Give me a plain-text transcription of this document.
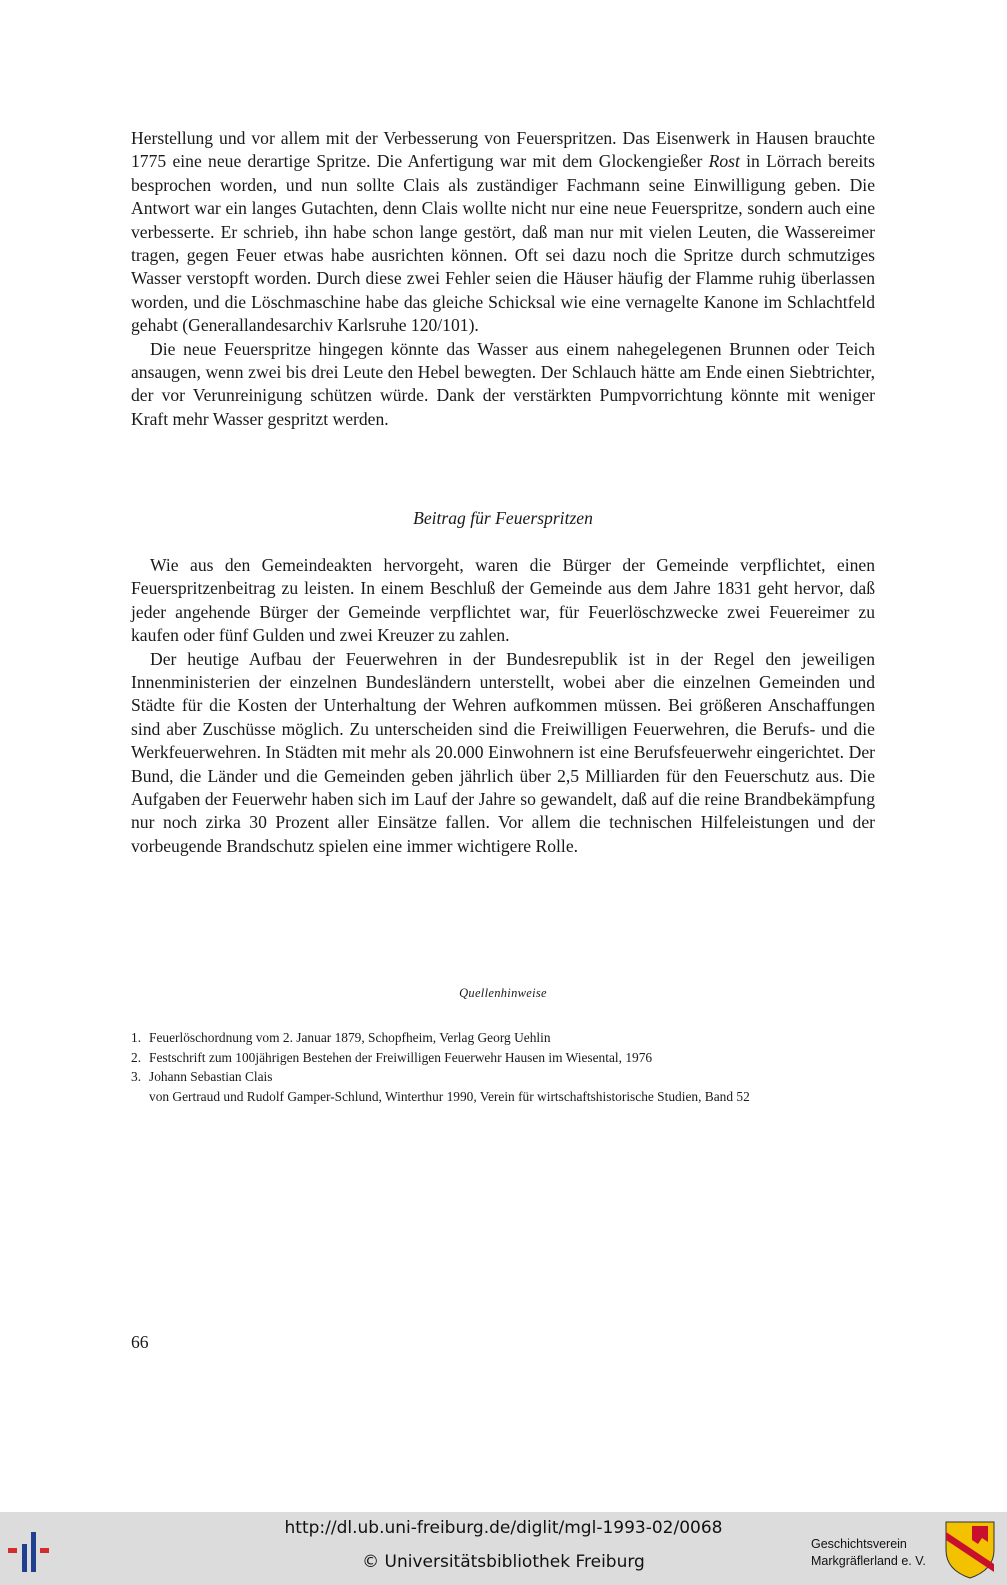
Herstellung und vor allem mit der Verbesserung von Feuerspritzen. Das Eisenwerk in Hausen brauchte 1775 eine neue derartige Spritze. Die Anfertigung war mit dem Glockengießer Rost in Lörrach bereits besprochen worden, und nun sollte Clais als zuständiger Fachmann seine Einwilligung geben. Die Antwort war ein langes Gutachten, denn Clais wollte nicht nur eine neue Feuerspritze, sondern auch eine verbesserte. Er schrieb, ihn habe schon lange gestört, daß man nur mit vielen Leuten, die Wassereimer tragen, gegen Feuer etwas habe ausrichten können. Oft sei dazu noch die Spritze durch schmutziges Wasser verstopft worden. Durch diese zwei Fehler seien die Häuser häufig der Flamme ruhig überlassen worden, und die Löschmaschine habe das gleiche Schicksal wie eine vernagelte Kanone im Schlachtfeld gehabt (Generallandesarchiv Karlsruhe 120/101).

Die neue Feuerspritze hingegen könnte das Wasser aus einem nahegelegenen Brunnen oder Teich ansaugen, wenn zwei bis drei Leute den Hebel bewegten. Der Schlauch hätte am Ende einen Siebtrichter, der vor Verunreinigung schützen würde. Dank der verstärkten Pumpvorrichtung könnte mit weniger Kraft mehr Wasser gespritzt werden.

Beitrag für Feuerspritzen

Wie aus den Gemeindeakten hervorgeht, waren die Bürger der Gemeinde verpflichtet, einen Feuerspritzenbeitrag zu leisten. In einem Beschluß der Gemeinde aus dem Jahre 1831 geht hervor, daß jeder angehende Bürger der Gemeinde verpflichtet war, für Feuerlöschzwecke zwei Feuereimer zu kaufen oder fünf Gulden und zwei Kreuzer zu zahlen.

Der heutige Aufbau der Feuerwehren in der Bundesrepublik ist in der Regel den jeweiligen Innenministerien der einzelnen Bundesländern unterstellt, wobei aber die einzelnen Gemeinden und Städte für die Kosten der Unterhaltung der Wehren aufkommen müssen. Bei größeren Anschaffungen sind aber Zuschüsse möglich. Zu unterscheiden sind die Freiwilligen Feuerwehren, die Berufs- und die Werkfeuerwehren. In Städten mit mehr als 20.000 Einwohnern ist eine Berufsfeuerwehr eingerichtet. Der Bund, die Länder und die Gemeinden geben jährlich über 2,5 Milliarden für den Feuerschutz aus. Die Aufgaben der Feuerwehr haben sich im Lauf der Jahre so gewandelt, daß auf die reine Brandbekämpfung nur noch zirka 30 Prozent aller Einsätze fallen. Vor allem die technischen Hilfeleistungen und der vorbeugende Brandschutz spielen eine immer wichtigere Rolle.

Quellenhinweise
1. Feuerlöschordnung vom 2. Januar 1879, Schopfheim, Verlag Georg Uehlin
2. Festschrift zum 100jährigen Bestehen der Freiwilligen Feuerwehr Hausen im Wiesental, 1976
3. Johann Sebastian Clais
von Gertraud und Rudolf Gamper-Schlund, Winterthur 1990, Verein für wirtschaftshistorische Studien, Band 52
66
http://dl.ub.uni-freiburg.de/diglit/mgl-1993-02/0068
© Universitätsbibliothek Freiburg
Geschichtsverein
Markgräflerland e. V.
